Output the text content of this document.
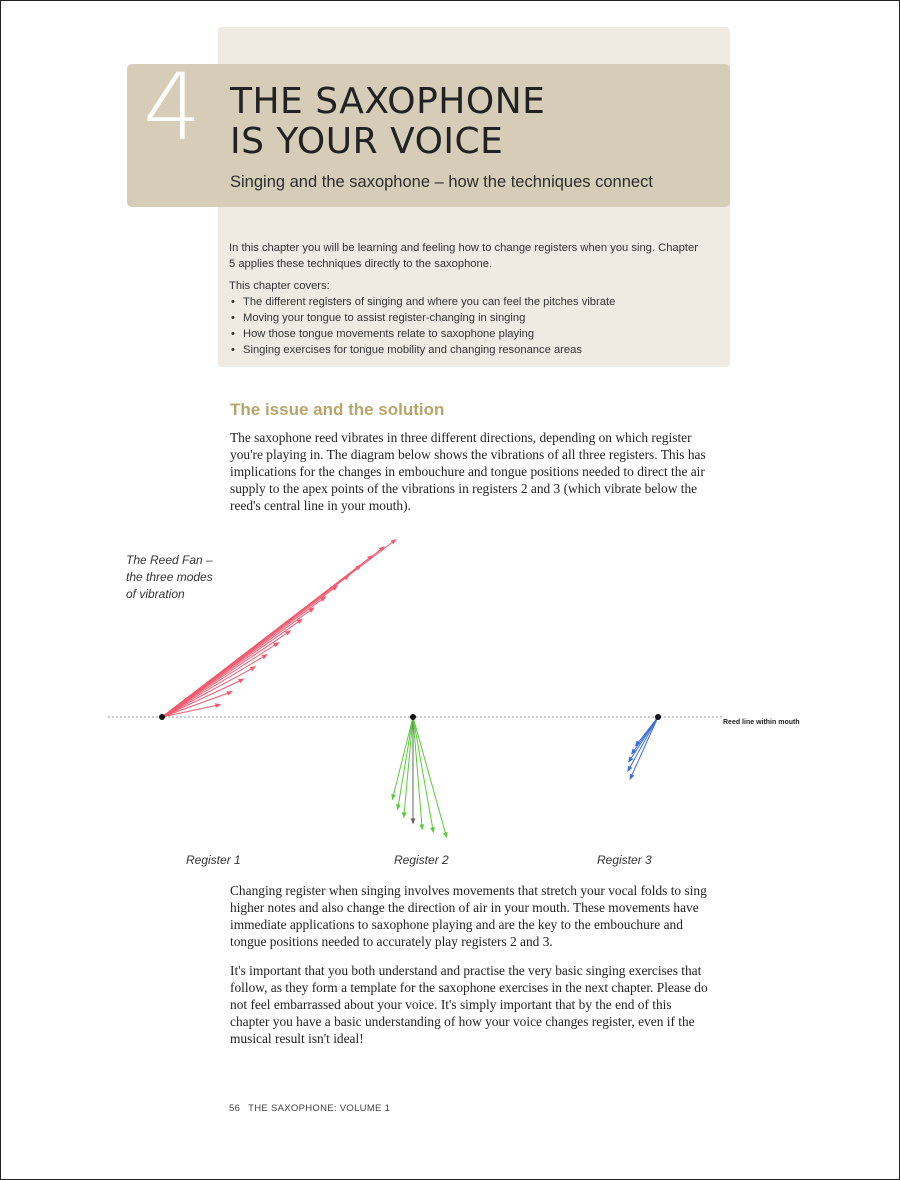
4 THE SAXOPHONE
IS YOUR VOICE
Singing and the saxophone – how the techniques connect

In this chapter you will be learning and feeling how to change registers when you sing. Chapter 5 applies these techniques directly to the saxophone.

This chapter covers:

• The different registers of singing and where you can feel the pitches vibrate
• Moving your tongue to assist register-changing in singing
• How those tongue movements relate to saxophone playing
• Singing exercises for tongue mobility and changing resonance areas
The issue and the solution

The saxophone reed vibrates in three different directions, depending on which register you're playing in. The diagram below shows the vibrations of all three registers. This has implications for the changes in embouchure and tongue positions needed to direct the air supply to the apex points of the vibrations in registers 2 and 3 (which vibrate below the reed's central line in your mouth).

The Reed Fan –
the three modes
of vibration
Reed line within mouth
Register 1	Register 2	Register 3

Changing register when singing involves movements that stretch your vocal folds to sing higher notes and also change the direction of air in your mouth. These movements have immediate applications to saxophone playing and are the key to the embouchure and tongue positions needed to accurately play registers 2 and 3.

It's important that you both understand and practise the very basic singing exercises that follow, as they form a template for the saxophone exercises in the next chapter. Please do not feel embarrassed about your voice. It's simply important that by the end of this chapter you have a basic understanding of how your voice changes register, even if the musical result isn't ideal!

56 THE SAXOPHONE: VOLUME 1
